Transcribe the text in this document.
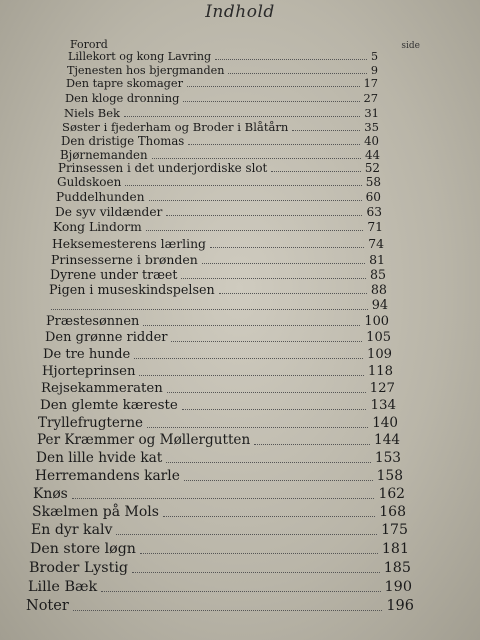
Indhold
side
Forord
Lillekort og kong Lavring	5
Tjenesten hos bjergmanden	9
Den tapre skomager	17
Den kloge dronning	27
Niels Bek	31
Søster i fjederham og Broder i Blåtårn	35
Den dristige Thomas	40
Bjørnemanden	44
Prinsessen i det underjordiske slot	52
Guldskoen	58
Puddelhunden	60
De syv vildænder	63
Kong Lindorm	71
Heksemesterens lærling	74
Prinsesserne i brønden	81
Dyrene under træet	85
Pigen i museskindspelsen	88
94
Præstesønnen	100
Den grønne ridder	105
De tre hunde	109
Hjorteprinsen	118
Rejsekammeraten	127
Den glemte kæreste	134
Tryllefrugterne	140
Per Kræmmer og Møllergutten	144
Den lille hvide kat	153
Herremandens karle	158
Knøs	162
Skælmen på Mols	168
En dyr kalv	175
Den store løgn	181
Broder Lystig	185
Lille Bæk	190
Noter	196
